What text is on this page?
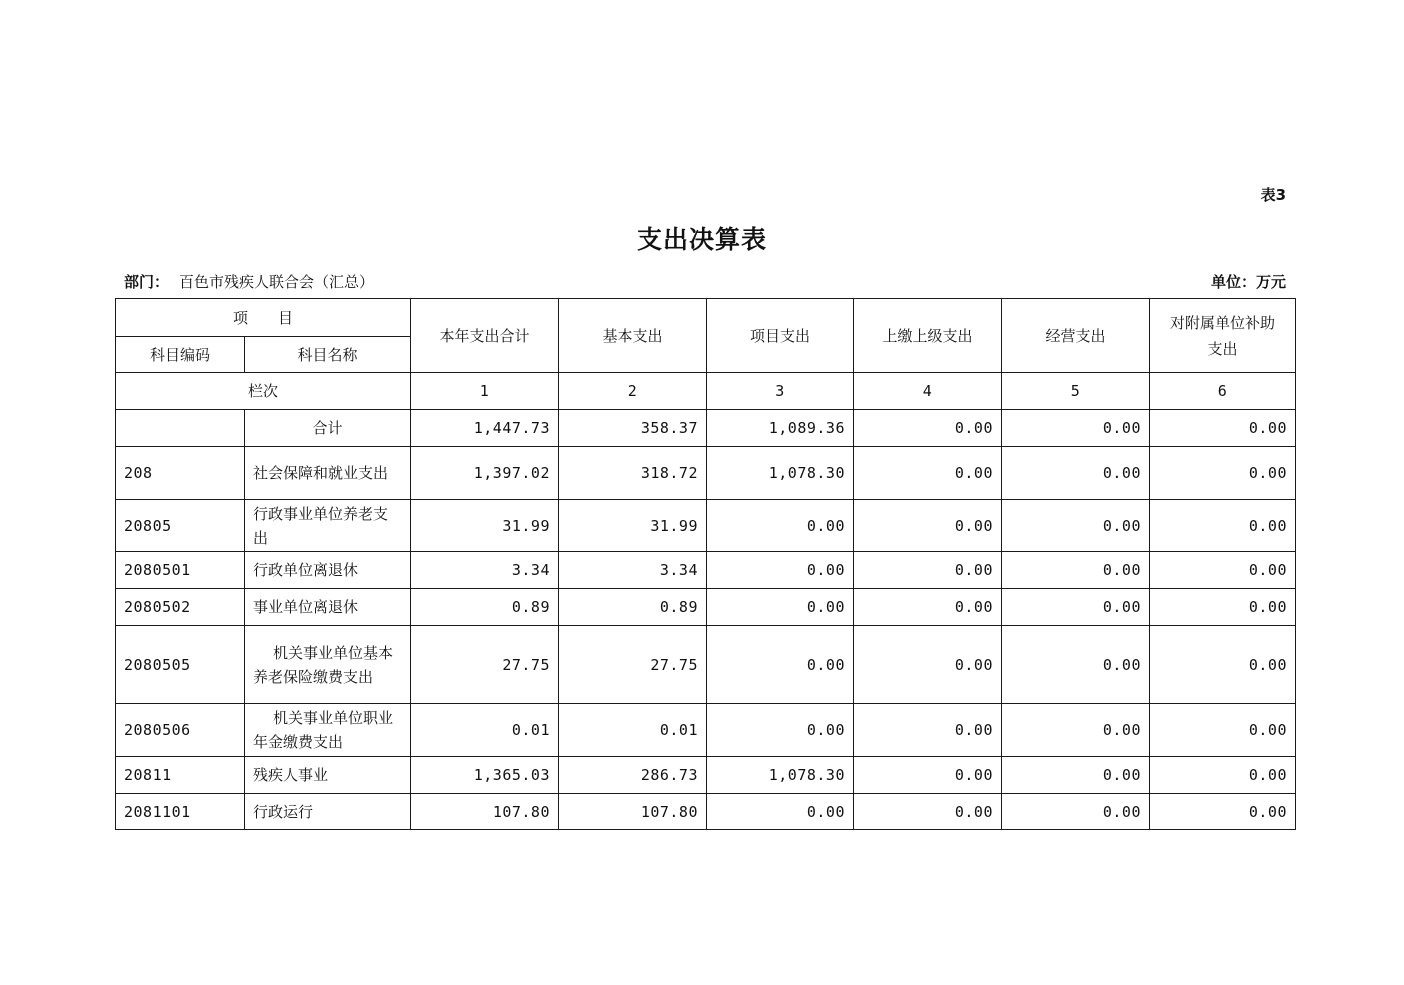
表3
支出决算表
部门： 百色市残疾人联合会（汇总）	单位：万元
项　　目		本年支出合计	基本支出	项目支出	上缴上级支出	经营支出	对附属单位补助支出
科目编码	科目名称						
栏次		1	2	3	4	5	6
	合计	1,447.73	358.37	1,089.36	0.00	0.00	0.00
208	社会保障和就业支出	1,397.02	318.72	1,078.30	0.00	0.00	0.00
20805	行政事业单位养老支出	31.99	31.99	0.00	0.00	0.00	0.00
2080501	行政单位离退休	3.34	3.34	0.00	0.00	0.00	0.00
2080502	事业单位离退休	0.89	0.89	0.00	0.00	0.00	0.00
2080505	机关事业单位基本养老保险缴费支出	27.75	27.75	0.00	0.00	0.00	0.00
2080506	机关事业单位职业年金缴费支出	0.01	0.01	0.00	0.00	0.00	0.00
20811	残疾人事业	1,365.03	286.73	1,078.30	0.00	0.00	0.00
2081101	行政运行	107.80	107.80	0.00	0.00	0.00	0.00
